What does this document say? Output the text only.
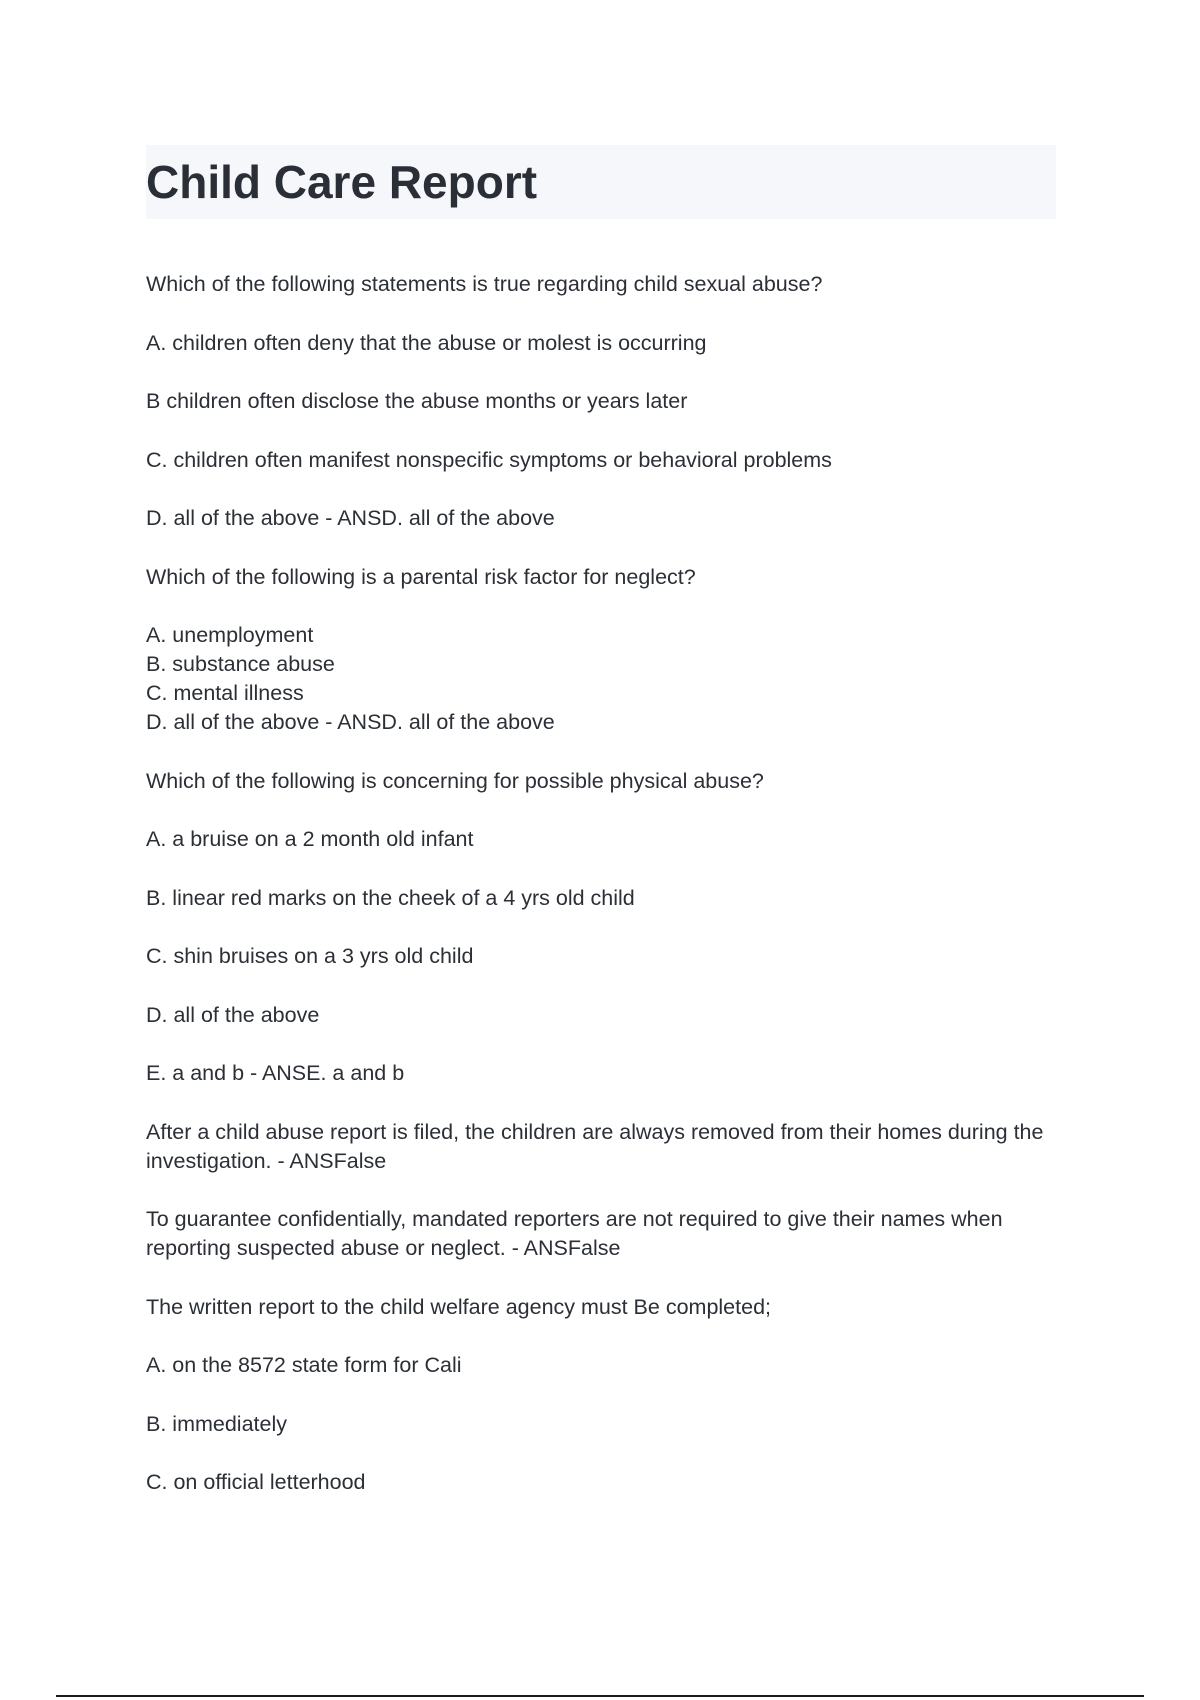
Child Care Report

Which of the following statements is true regarding child sexual abuse?

A. children often deny that the abuse or molest is occurring

B children often disclose the abuse months or years later

C. children often manifest nonspecific symptoms or behavioral problems

D. all of the above - ANSD. all of the above

Which of the following is a parental risk factor for neglect?

A. unemployment

B. substance abuse

C. mental illness

D. all of the above - ANSD. all of the above

Which of the following is concerning for possible physical abuse?

A. a bruise on a 2 month old infant

B. linear red marks on the cheek of a 4 yrs old child

C. shin bruises on a 3 yrs old child

D. all of the above

E. a and b - ANSE. a and b

After a child abuse report is filed, the children are always removed from their homes during the investigation. - ANSFalse

To guarantee confidentially, mandated reporters are not required to give their names when reporting suspected abuse or neglect. - ANSFalse

The written report to the child welfare agency must Be completed;

A. on the 8572 state form for Cali

B. immediately

C. on official letterhood
